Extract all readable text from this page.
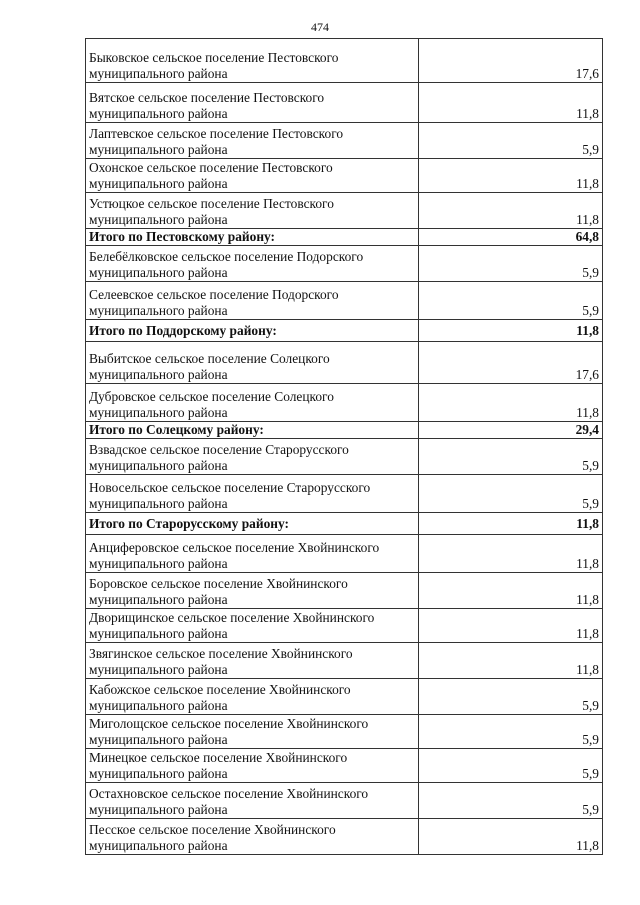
474
Быковское сельское поселение Пестовского муниципального района	17,6
Вятское сельское поселение Пестовского муниципального района	11,8
Лаптевское сельское поселение Пестовского муниципального района	5,9
Охонское сельское поселение Пестовского муниципального района	11,8
Устюцкое сельское поселение Пестовского муниципального района	11,8
Итого по Пестовскому району:	64,8
Белебёлковское сельское поселение Подорского муниципального района	5,9
Селеевское сельское поселение Подорского муниципального района	5,9
Итого по Поддорскому району:	11,8
Выбитское сельское поселение Солецкого муниципального района	17,6
Дубровское сельское поселение Солецкого муниципального района	11,8
Итого по Солецкому району:	29,4
Взвадское сельское поселение Старорусского муниципального района	5,9
Новосельское сельское поселение Старорусского муниципального района	5,9
Итого по Старорусскому району:	11,8
Анциферовское сельское поселение Хвойнинского муниципального района	11,8
Боровское сельское поселение Хвойнинского муниципального района	11,8
Дворищинское сельское поселение Хвойнинского муниципального района	11,8
Звягинское сельское поселение Хвойнинского муниципального района	11,8
Кабожское сельское поселение Хвойнинского муниципального района	5,9
Миголощское сельское поселение Хвойнинского муниципального района	5,9
Минецкое сельское поселение Хвойнинского муниципального района	5,9
Остахновское сельское поселение Хвойнинского муниципального района	5,9
Песское сельское поселение Хвойнинского муниципального района	11,8
